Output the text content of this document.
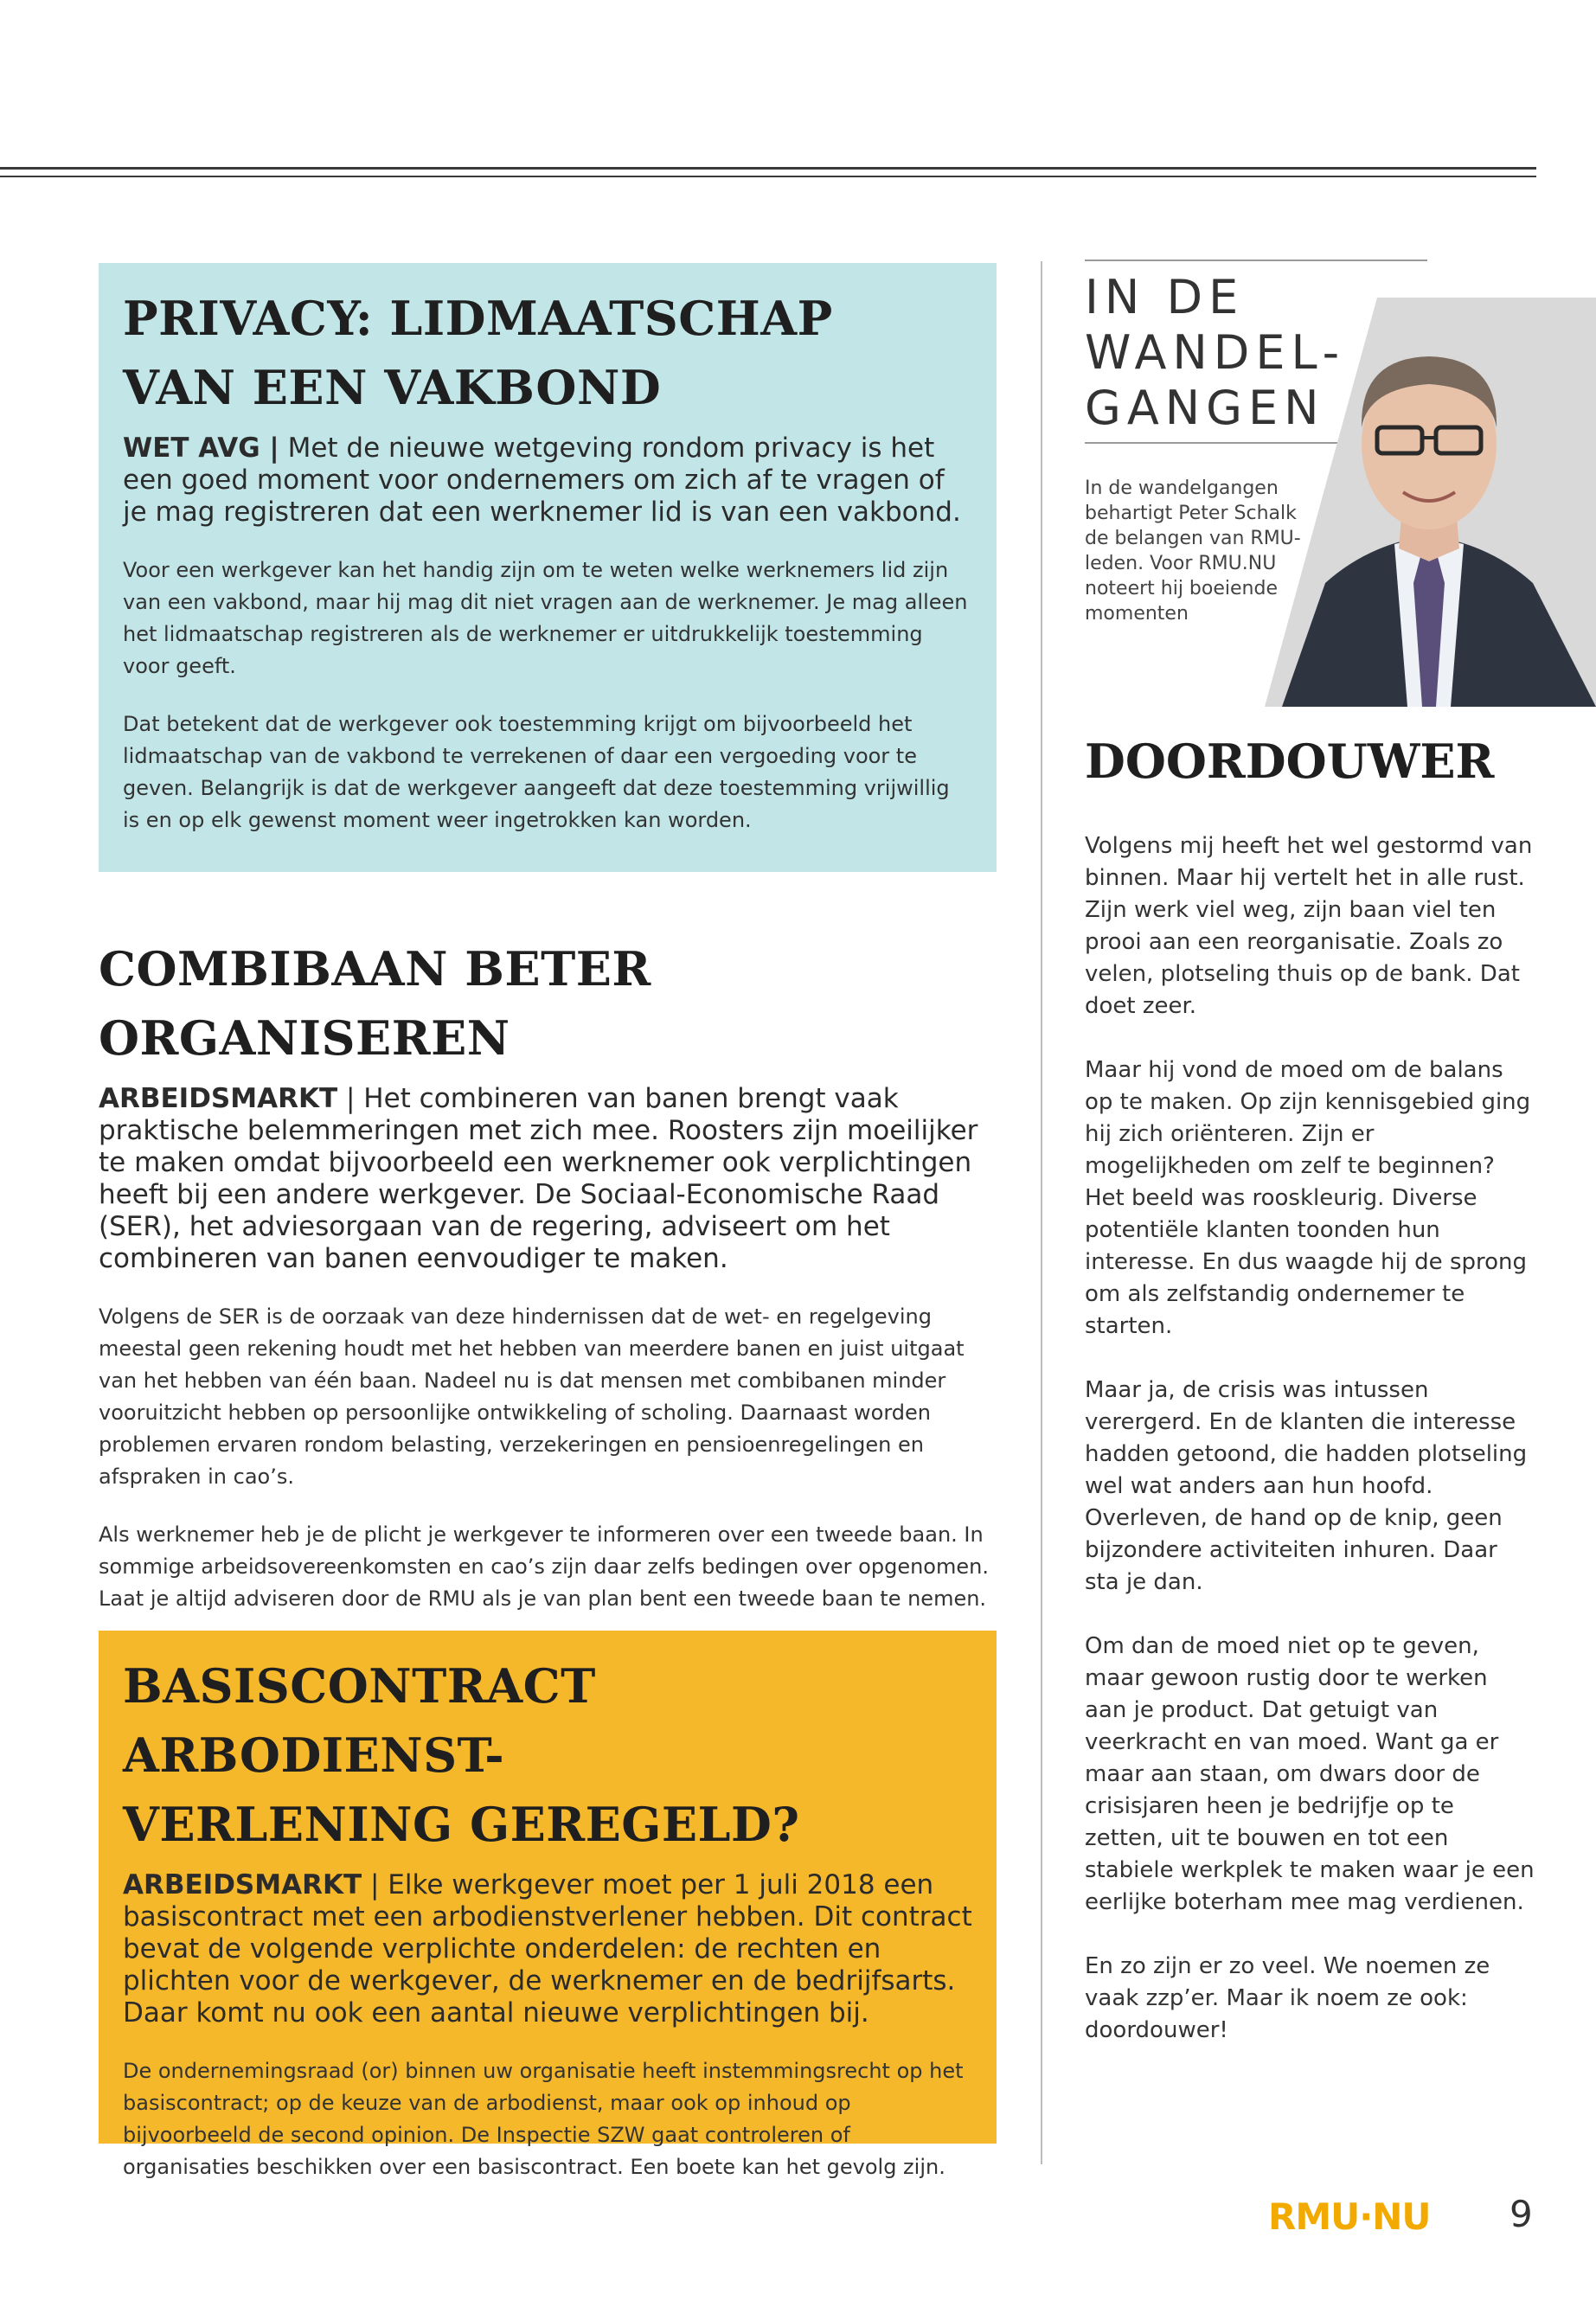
PRIVACY: LIDMAATSCHAP
VAN EEN VAKBOND

WET AVG | Met de nieuwe wetgeving rondom privacy is het een goed moment voor ondernemers om zich af te vragen of je mag registreren dat een werknemer lid is van een vakbond.

Voor een werkgever kan het handig zijn om te weten welke werknemers lid zijn van een vakbond, maar hij mag dit niet vragen aan de werknemer. Je mag alleen het lidmaatschap registreren als de werknemer er uitdrukkelijk toestemming voor geeft.

Dat betekent dat de werkgever ook toestemming krijgt om bijvoorbeeld het lidmaatschap van de vakbond te verrekenen of daar een vergoeding voor te geven. Belangrijk is dat de werkgever aangeeft dat deze toestemming vrijwillig is en op elk gewenst moment weer ingetrokken kan worden.

COMBIBAAN BETER ORGANISEREN

ARBEIDSMARKT | Het combineren van banen brengt vaak praktische belemmeringen met zich mee. Roosters zijn moeilijker te maken omdat bijvoorbeeld een werknemer ook verplichtingen heeft bij een andere werkgever. De Sociaal-Economische Raad (SER), het adviesorgaan van de regering, adviseert om het combineren van banen eenvoudiger te maken.

Volgens de SER is de oorzaak van deze hindernissen dat de wet- en regelgeving meestal geen rekening houdt met het hebben van meerdere banen en juist uitgaat van het hebben van één baan. Nadeel nu is dat mensen met combibanen minder vooruitzicht hebben op persoonlijke ontwikkeling of scholing. Daarnaast worden problemen ervaren rondom belasting, verzekeringen en pensioenregelingen en afspraken in cao’s.

Als werknemer heb je de plicht je werkgever te informeren over een tweede baan. In sommige arbeidsovereenkomsten en cao’s zijn daar zelfs bedingen over opgenomen. Laat je altijd adviseren door de RMU als je van plan bent een tweede baan te nemen.

BASISCONTRACT ARBODIENST-
VERLENING GEREGELD?

ARBEIDSMARKT | Elke werkgever moet per 1 juli 2018 een basiscontract met een arbodienstverlener hebben. Dit contract bevat de volgende verplichte onderdelen: de rechten en plichten voor de werkgever, de werknemer en de bedrijfsarts. Daar komt nu ook een aantal nieuwe verplichtingen bij.

De ondernemingsraad (or) binnen uw organisatie heeft instemmingsrecht op het basiscontract; op de keuze van de arbodienst, maar ook op inhoud op bijvoorbeeld de second opinion. De Inspectie SZW gaat controleren of organisaties beschikken over een basiscontract. Een boete kan het gevolg zijn.

IN DE
WANDEL-
GANGEN

In de wandelgangen behartigt Peter Schalk de belangen van RMU-leden. Voor RMU.NU noteert hij boeiende momenten

DOORDOUWER

Volgens mij heeft het wel gestormd van binnen. Maar hij vertelt het in alle rust. Zijn werk viel weg, zijn baan viel ten prooi aan een reorganisatie. Zoals zo velen, plotseling thuis op de bank. Dat doet zeer.

Maar hij vond de moed om de balans op te maken. Op zijn kennisgebied ging hij zich oriënteren. Zijn er mogelijkheden om zelf te beginnen? Het beeld was rooskleurig. Diverse potentiële klanten toonden hun interesse. En dus waagde hij de sprong om als zelfstandig ondernemer te starten.

Maar ja, de crisis was intussen verergerd. En de klanten die interesse hadden getoond, die hadden plotseling wel wat anders aan hun hoofd. Overleven, de hand op de knip, geen bijzondere activiteiten inhuren. Daar sta je dan.

Om dan de moed niet op te geven, maar gewoon rustig door te werken aan je product. Dat getuigt van veerkracht en van moed. Want ga er maar aan staan, om dwars door de crisisjaren heen je bedrijfje op te zetten, uit te bouwen en tot een stabiele werkplek te maken waar je een eerlijke boterham mee mag verdienen.

En zo zijn er zo veel. We noemen ze vaak zzp’er. Maar ik noem ze ook: doordouwer!

RMU·NU 9
